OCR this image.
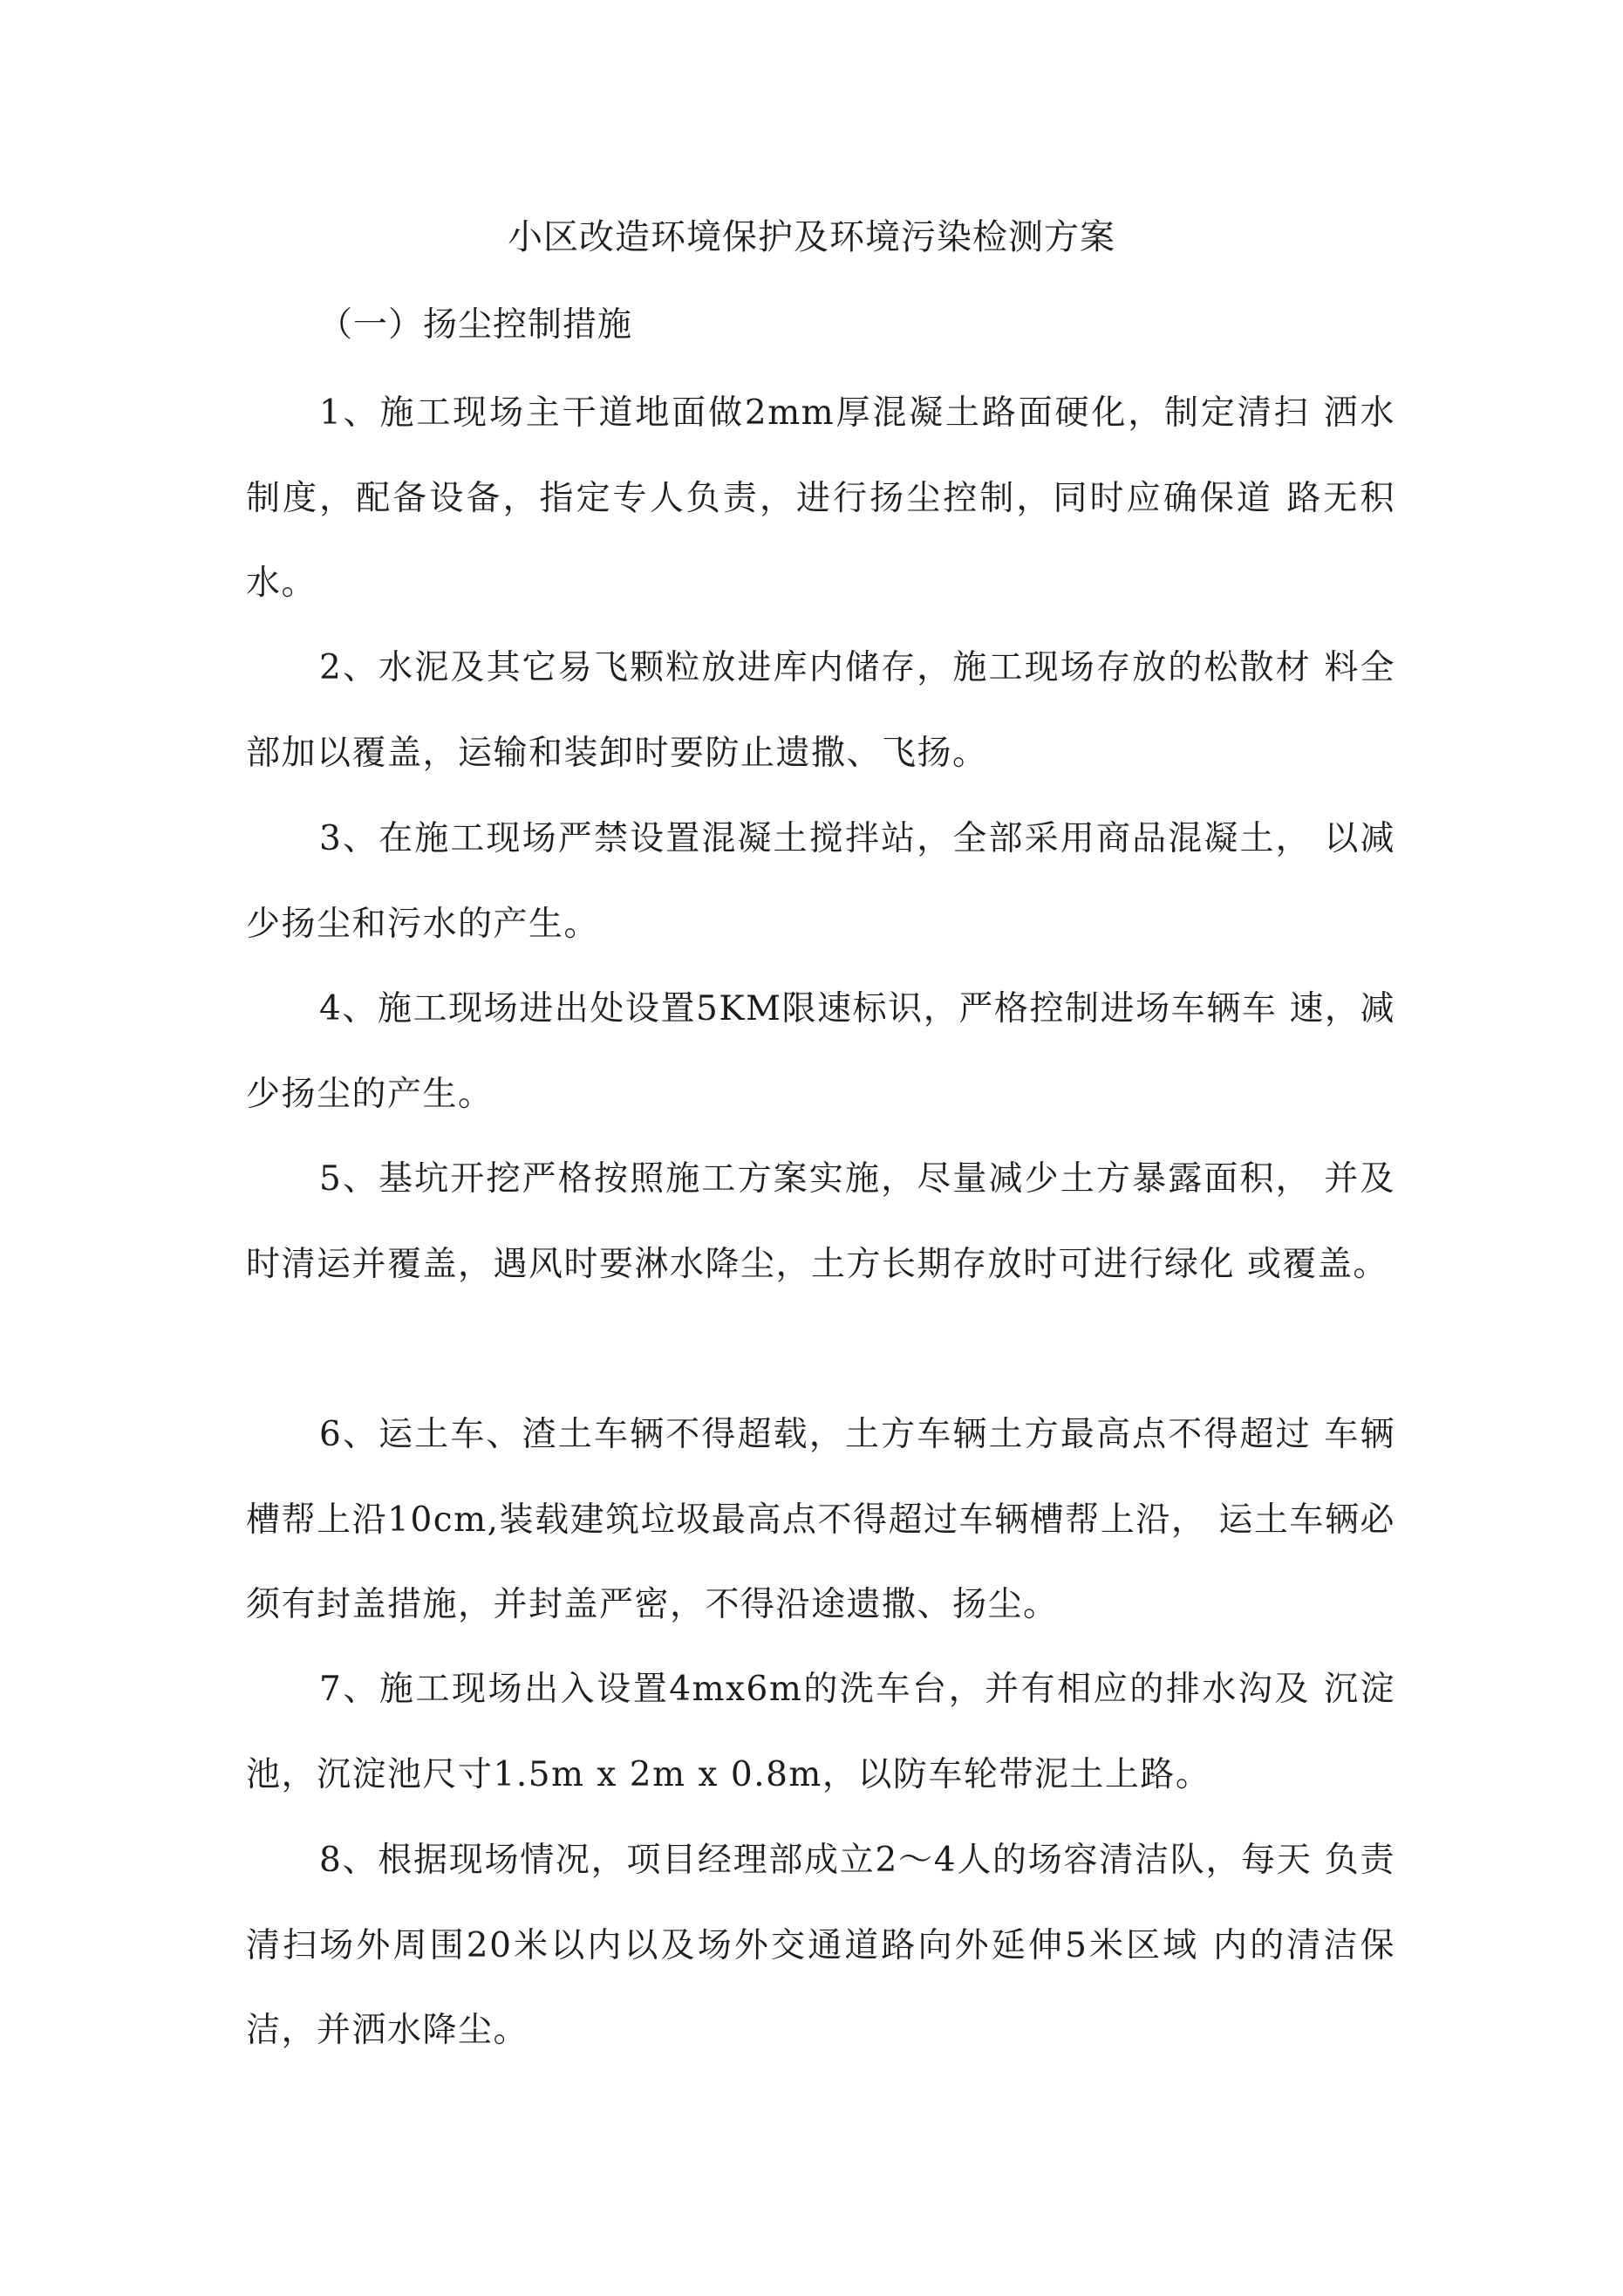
小区改造环境保护及环境污染检测方案
（一）扬尘控制措施

1、施工现场主干道地面做2mm厚混凝土路面硬化，制定清扫 洒水制度，配备设备，指定专人负责，进行扬尘控制，同时应确保道 路无积水。

2、水泥及其它易飞颗粒放进库内储存，施工现场存放的松散材 料全部加以覆盖，运输和装卸时要防止遗撒、飞扬。

3、在施工现场严禁设置混凝土搅拌站，全部采用商品混凝土， 以减少扬尘和污水的产生。

4、施工现场进出处设置5KM限速标识，严格控制进场车辆车 速，减少扬尘的产生。

5、基坑开挖严格按照施工方案实施，尽量减少土方暴露面积， 并及时清运并覆盖，遇风时要淋水降尘，土方长期存放时可进行绿化 或覆盖。

6、运土车、渣土车辆不得超载，土方车辆土方最高点不得超过 车辆槽帮上沿10cm,装载建筑垃圾最高点不得超过车辆槽帮上沿， 运土车辆必须有封盖措施，并封盖严密，不得沿途遗撒、扬尘。

7、施工现场出入设置4mx6m的洗车台，并有相应的排水沟及 沉淀池，沉淀池尺寸1.5m x 2m x 0.8m，以防车轮带泥土上路。

8、根据现场情况，项目经理部成立2〜4人的场容清洁队，每天 负责清扫场外周围20米以内以及场外交通道路向外延伸5米区域 内的清洁保洁，并洒水降尘。
